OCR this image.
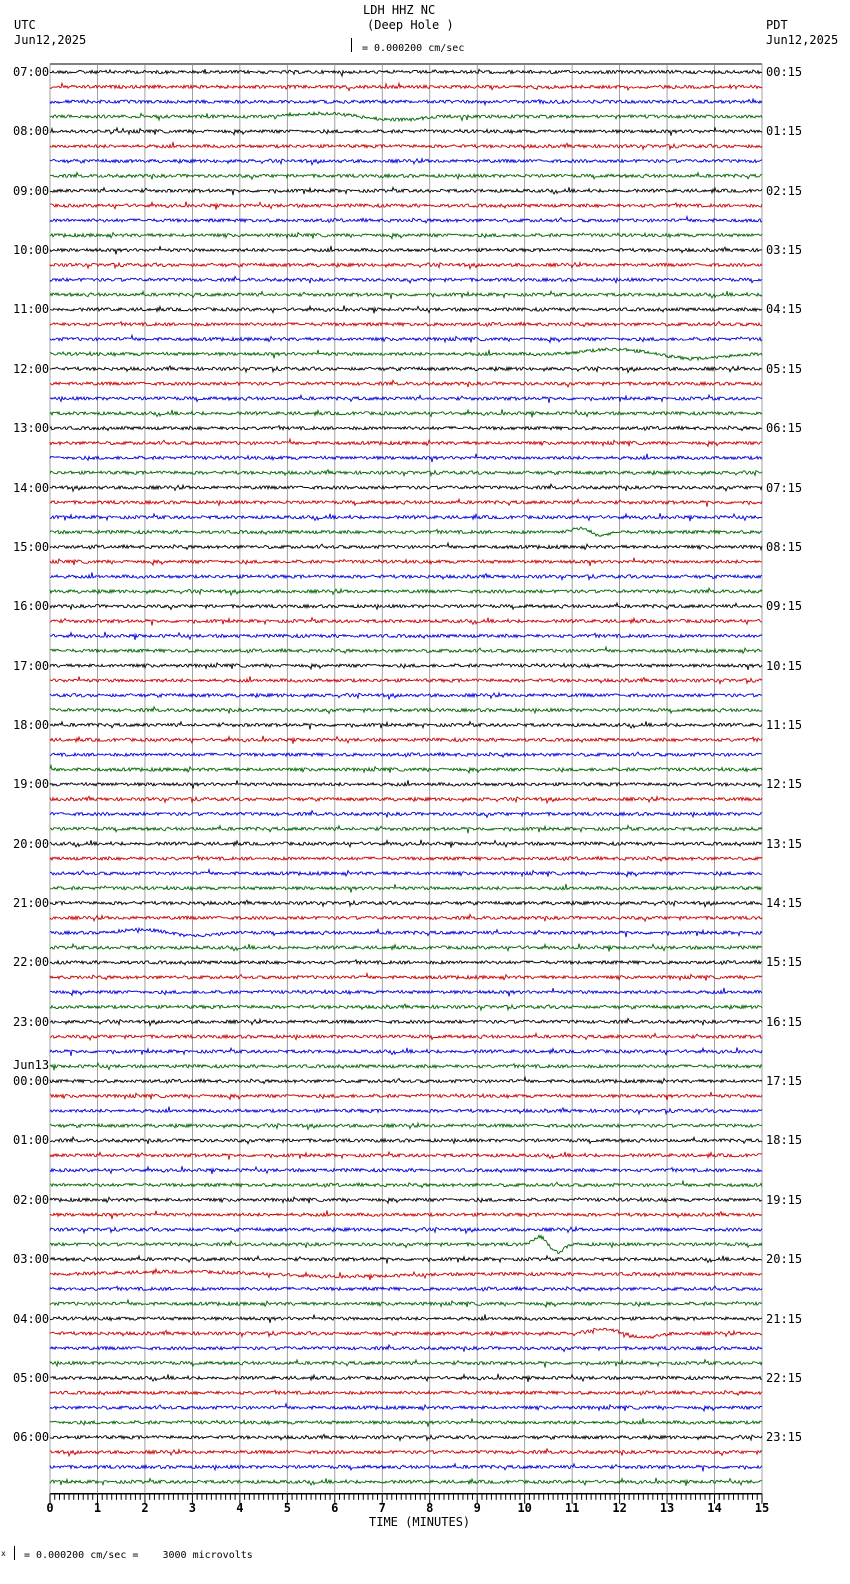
LDH HHZ NC
(Deep Hole )
UTC
Jun12,2025
PDT
Jun12,2025
= 0.000200 cm/sec
0	1	2	3	4	5	6	7	8	9	10	11	12	13	14	15
07:00
08:00
09:00
10:00
11:00
12:00
13:00
14:00
15:00
16:00
17:00
18:00
19:00
20:00
21:00
22:00
23:00
00:00
01:00
02:00
03:00
04:00
05:00
06:00
00:15
01:15
02:15
03:15
04:15
05:15
06:15
07:15
08:15
09:15
10:15
11:15
12:15
13:15
14:15
15:15
16:15
17:15
18:15
19:15
20:15
21:15
22:15
23:15
Jun13
TIME (MINUTES)
x = 0.000200 cm/sec =    3000 microvolts
